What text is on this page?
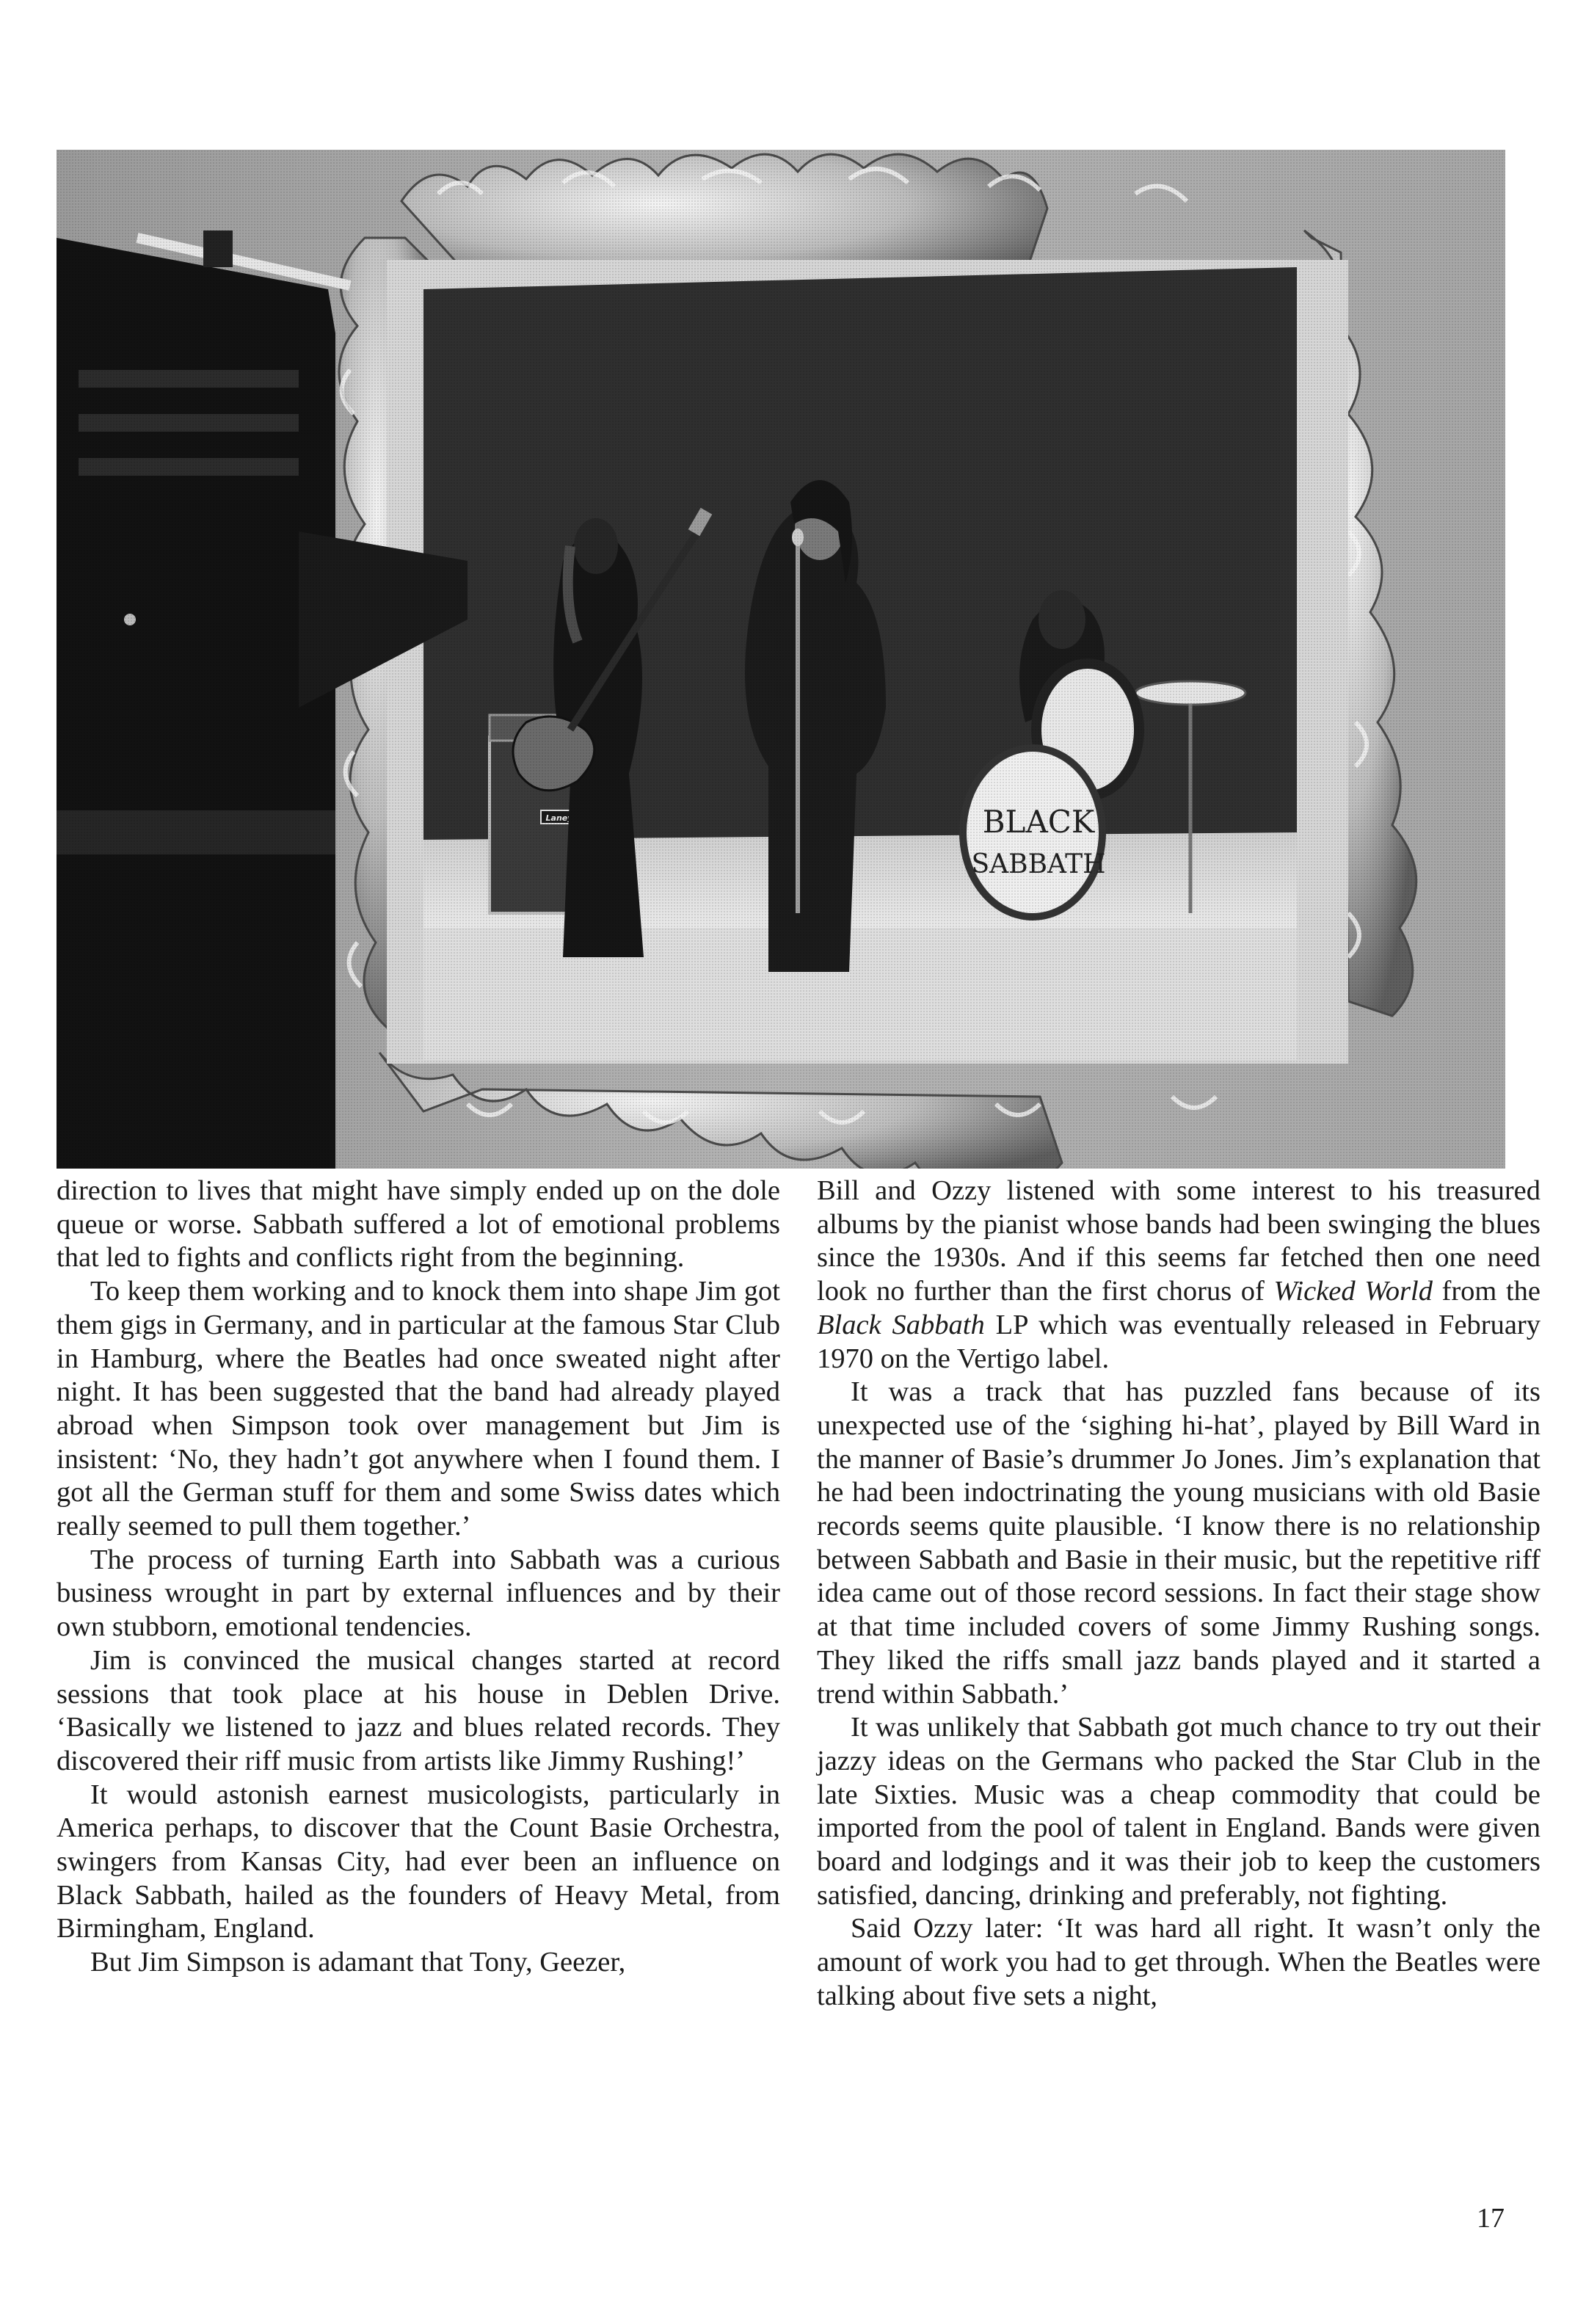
direction to lives that might have simply ended up on the dole queue or worse. Sabbath suffered a lot of emotional problems that led to fights and conflicts right from the beginning.

To keep them working and to knock them into shape Jim got them gigs in Germany, and in particular at the famous Star Club in Hamburg, where the Beatles had once sweated night after night. It has been suggested that the band had already played abroad when Simpson took over management but Jim is insistent: ‘No, they hadn’t got anywhere when I found them. I got all the German stuff for them and some Swiss dates which really seemed to pull them together.’

The process of turning Earth into Sabbath was a curious business wrought in part by external influences and by their own stubborn, emotional tendencies.

Jim is convinced the musical changes started at record sessions that took place at his house in Deblen Drive. ‘Basically we listened to jazz and blues related records. They discovered their riff music from artists like Jimmy Rushing!’

It would astonish earnest musicologists, particularly in America perhaps, to discover that the Count Basie Orchestra, swingers from Kansas City, had ever been an influence on Black Sabbath, hailed as the founders of Heavy Metal, from Birmingham, England.

But Jim Simpson is adamant that Tony, Geezer,

Bill and Ozzy listened with some interest to his treasured albums by the pianist whose bands had been swinging the blues since the 1930s. And if this seems far fetched then one need look no further than the first chorus of Wicked World from the Black Sabbath LP which was eventually released in February 1970 on the Vertigo label.

It was a track that has puzzled fans because of its unexpected use of the ‘sighing hi-hat’, played by Bill Ward in the manner of Basie’s drummer Jo Jones. Jim’s explanation that he had been indoctrinating the young musicians with old Basie records seems quite plausible. ‘I know there is no relationship between Sabbath and Basie in their music, but the repetitive riff idea came out of those record sessions. In fact their stage show at that time included covers of some Jimmy Rushing songs. They liked the riffs small jazz bands played and it started a trend within Sabbath.’

It was unlikely that Sabbath got much chance to try out their jazzy ideas on the Germans who packed the Star Club in the late Sixties. Music was a cheap commodity that could be imported from the pool of talent in England. Bands were given board and lodgings and it was their job to keep the customers satisfied, dancing, drinking and preferably, not fighting.

Said Ozzy later: ‘It was hard all right. It wasn’t only the amount of work you had to get through. When the Beatles were talking about five sets a night,

17
